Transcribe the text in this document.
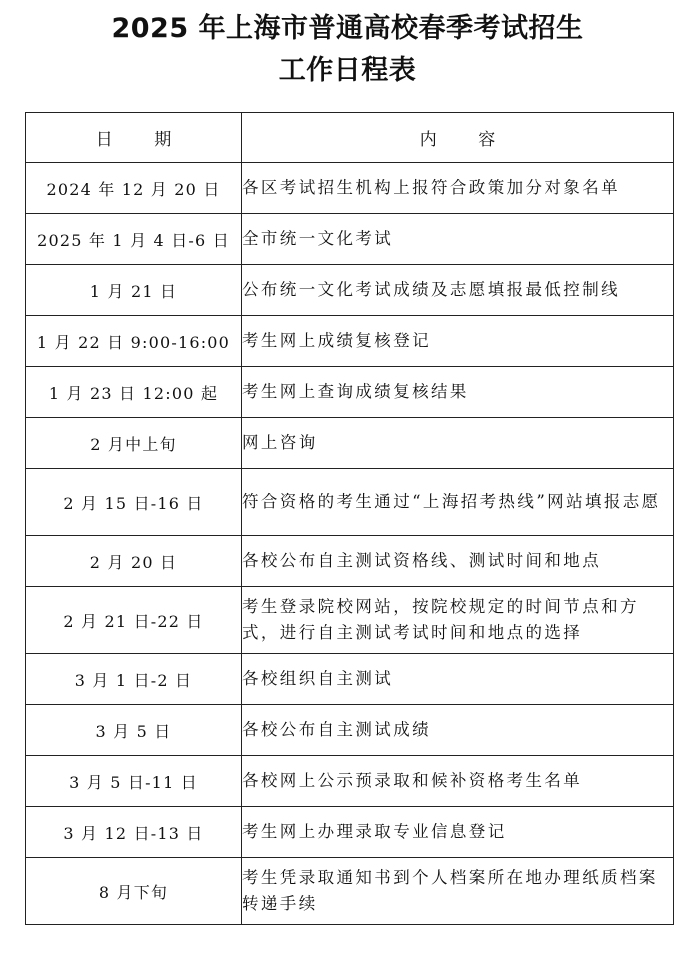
2025 年上海市普通高校春季考试招生
工作日程表
日 期	内 容
2024 年 12 月 20 日	各区考试招生机构上报符合政策加分对象名单
2025 年 1 月 4 日-6 日	全市统一文化考试
1 月 21 日	公布统一文化考试成绩及志愿填报最低控制线
1 月 22 日 9:00-16:00	考生网上成绩复核登记
1 月 23 日 12:00 起	考生网上查询成绩复核结果
2 月中上旬	网上咨询
2 月 15 日-16 日	符合资格的考生通过“上海招考热线”网站填报志愿
2 月 20 日	各校公布自主测试资格线、测试时间和地点
2 月 21 日-22 日	考生登录院校网站，按院校规定的时间节点和方式，进行自主测试考试时间和地点的选择
3 月 1 日-2 日	各校组织自主测试
3 月 5 日	各校公布自主测试成绩
3 月 5 日-11 日	各校网上公示预录取和候补资格考生名单
3 月 12 日-13 日	考生网上办理录取专业信息登记
8 月下旬	考生凭录取通知书到个人档案所在地办理纸质档案转递手续
